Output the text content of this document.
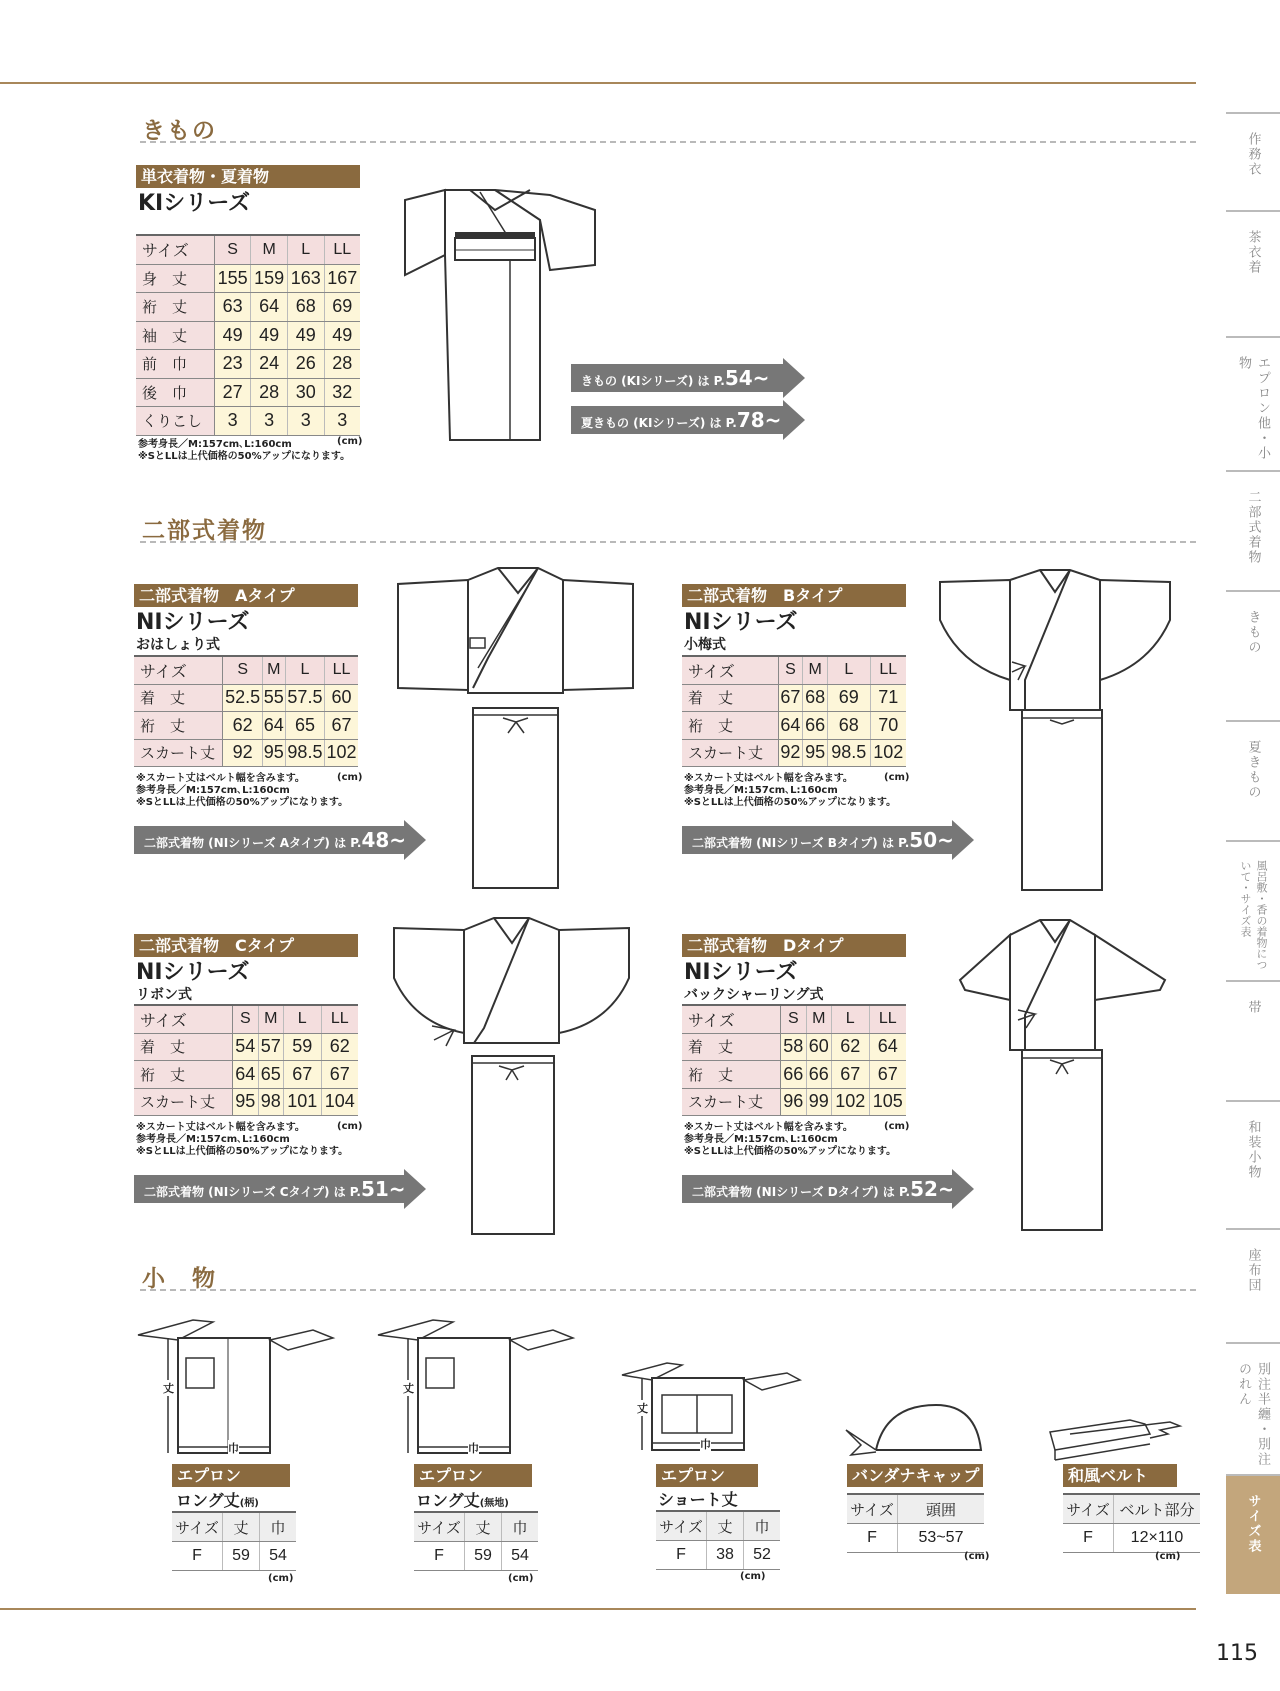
きもの
単衣着物・夏着物
KIシリーズ
サイズ	S	M	L	LL
身　丈	155	159	163	167
裄　丈	63	64	68	69
袖　丈	49	49	49	49
前　巾	23	24	26	28
後　巾	27	28	30	32
くりこし	3	3	3	3
(cm)
参考身長／M:157cm､L:160cm
※SとLLは上代価格の50%アップになります。
きもの (KIシリーズ) は P.54~
夏きもの (KIシリーズ) は P.78~
二部式着物
二部式着物　Aタイプ
NIシリーズ
おはしょり式
サイズ	S	M	L	LL
着　丈	52.5	55	57.5	60
裄　丈	62	64	65	67
スカート丈	92	95	98.5	102
(cm)
※スカート丈はベルト幅を含みます。
参考身長／M:157cm､L:160cm
※SとLLは上代価格の50%アップになります。
二部式着物 (NIシリーズ Aタイプ) は P.48~
二部式着物　Bタイプ
NIシリーズ
小梅式
サイズ	S	M	L	LL
着　丈	67	68	69	71
裄　丈	64	66	68	70
スカート丈	92	95	98.5	102
(cm)
※スカート丈はベルト幅を含みます。
参考身長／M:157cm､L:160cm
※SとLLは上代価格の50%アップになります。
二部式着物 (NIシリーズ Bタイプ) は P.50~
二部式着物　Cタイプ
NIシリーズ
リボン式
サイズ	S	M	L	LL
着　丈	54	57	59	62
裄　丈	64	65	67	67
スカート丈	95	98	101	104
(cm)
※スカート丈はベルト幅を含みます。
参考身長／M:157cm､L:160cm
※SとLLは上代価格の50%アップになります。
二部式着物 (NIシリーズ Cタイプ) は P.51~
二部式着物　Dタイプ
NIシリーズ
バックシャーリング式
サイズ	S	M	L	LL
着　丈	58	60	62	64
裄　丈	66	66	67	67
スカート丈	96	99	102	105
(cm)
※スカート丈はベルト幅を含みます。
参考身長／M:157cm､L:160cm
※SとLLは上代価格の50%アップになります。
二部式着物 (NIシリーズ Dタイプ) は P.52~
小　物
丈
巾
エプロン
ロング丈(柄)
サイズ	丈	巾
F	59	54
(cm)
丈
巾
エプロン
ロング丈(無地)
サイズ	丈	巾
F	59	54
(cm)
丈
巾
エプロン
ショート丈
サイズ	丈	巾
F	38	52
(cm)
バンダナキャップ
サイズ	頭囲
F	53~57
(cm)
和風ベルト
サイズ	ベルト部分
F	12×110
(cm)
作務衣
茶衣着
エプロン他・小物
二部式着物
きもの
夏きもの
風呂敷・香の着物について・サイズ表
帯
和装小物
座布団
別注半纏・別注のれん
サイズ表
115
